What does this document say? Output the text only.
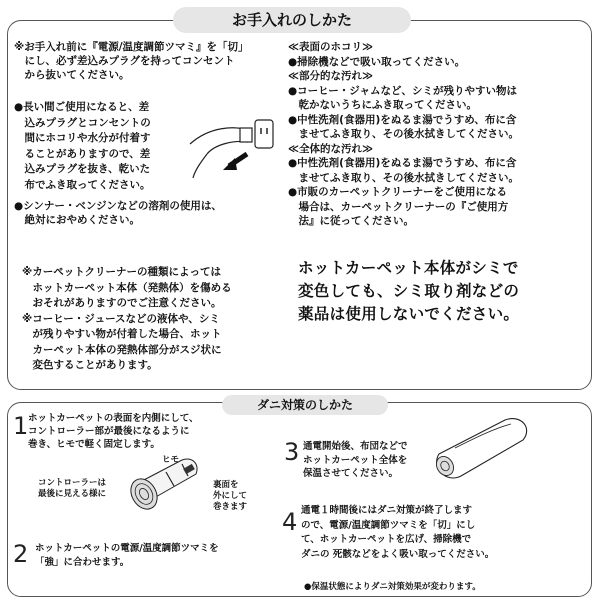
お手入れのしかた
※お手入れ前に『電源/温度調節ツマミ』を「切」
　にし、必ず差込みプラグを持ってコンセント
　から抜いてください。
●長い間ご使用になると、差
　込みプラグとコンセントの
　間にホコリや水分が付着す
　ることがありますので、差
　込みプラグを抜き、乾いた
　布でふき取ってください。
●シンナー・ベンジンなどの溶剤の使用は、
　絶対におやめください。
≪表面のホコリ≫
●掃除機などで吸い取ってください。
≪部分的な汚れ≫
●コーヒー・ジャムなど、シミが残りやすい物は
　乾かないうちにふき取ってください。
●中性洗剤(食器用)をぬるま湯でうすめ、布に含
　ませてふき取り、その後水拭きしてください。
≪全体的な汚れ≫
●中性洗剤(食器用)をぬるま湯でうすめ、布に含
　ませてふき取り、その後水拭きしてください。
●市販のカーペットクリーナーをご使用になる
　場合は、カーペットクリーナーの『ご使用方
　法』に従ってください。
※カーペットクリーナーの種類によっては
　ホットカーペット本体（発熱体）を傷める
　おそれがありますのでご注意ください。
※コーヒー・ジュースなどの液体や、シミ
　が残りやすい物が付着した場合、ホット
　カーペット本体の発熱体部分がスジ状に
　変色することがあります。
ホットカーペット本体がシミで
変色しても、シミ取り剤などの
薬品は使用しないでください。
ダニ対策のしかた
1 ホットカーペットの表面を内側にして、
コントローラー部が最後になるように
巻き、ヒモで軽く固定します。
ヒモ
コントローラーは
最後に見える様に
裏面を
外にして
巻きます
2 ホットカーペットの電源/温度調節ツマミを
「強」に合わせます。
3 通電開始後、布団などで
ホットカーペット全体を
保温させてください。
4 通電１時間後にはダニ対策が終了します
ので、電源/温度調節ツマミを「切」にし
て、ホットカーペットを広げ、掃除機で
ダニの 死骸などをよく吸い取ってください。
●保温状態によりダニ対策効果が変わります。
